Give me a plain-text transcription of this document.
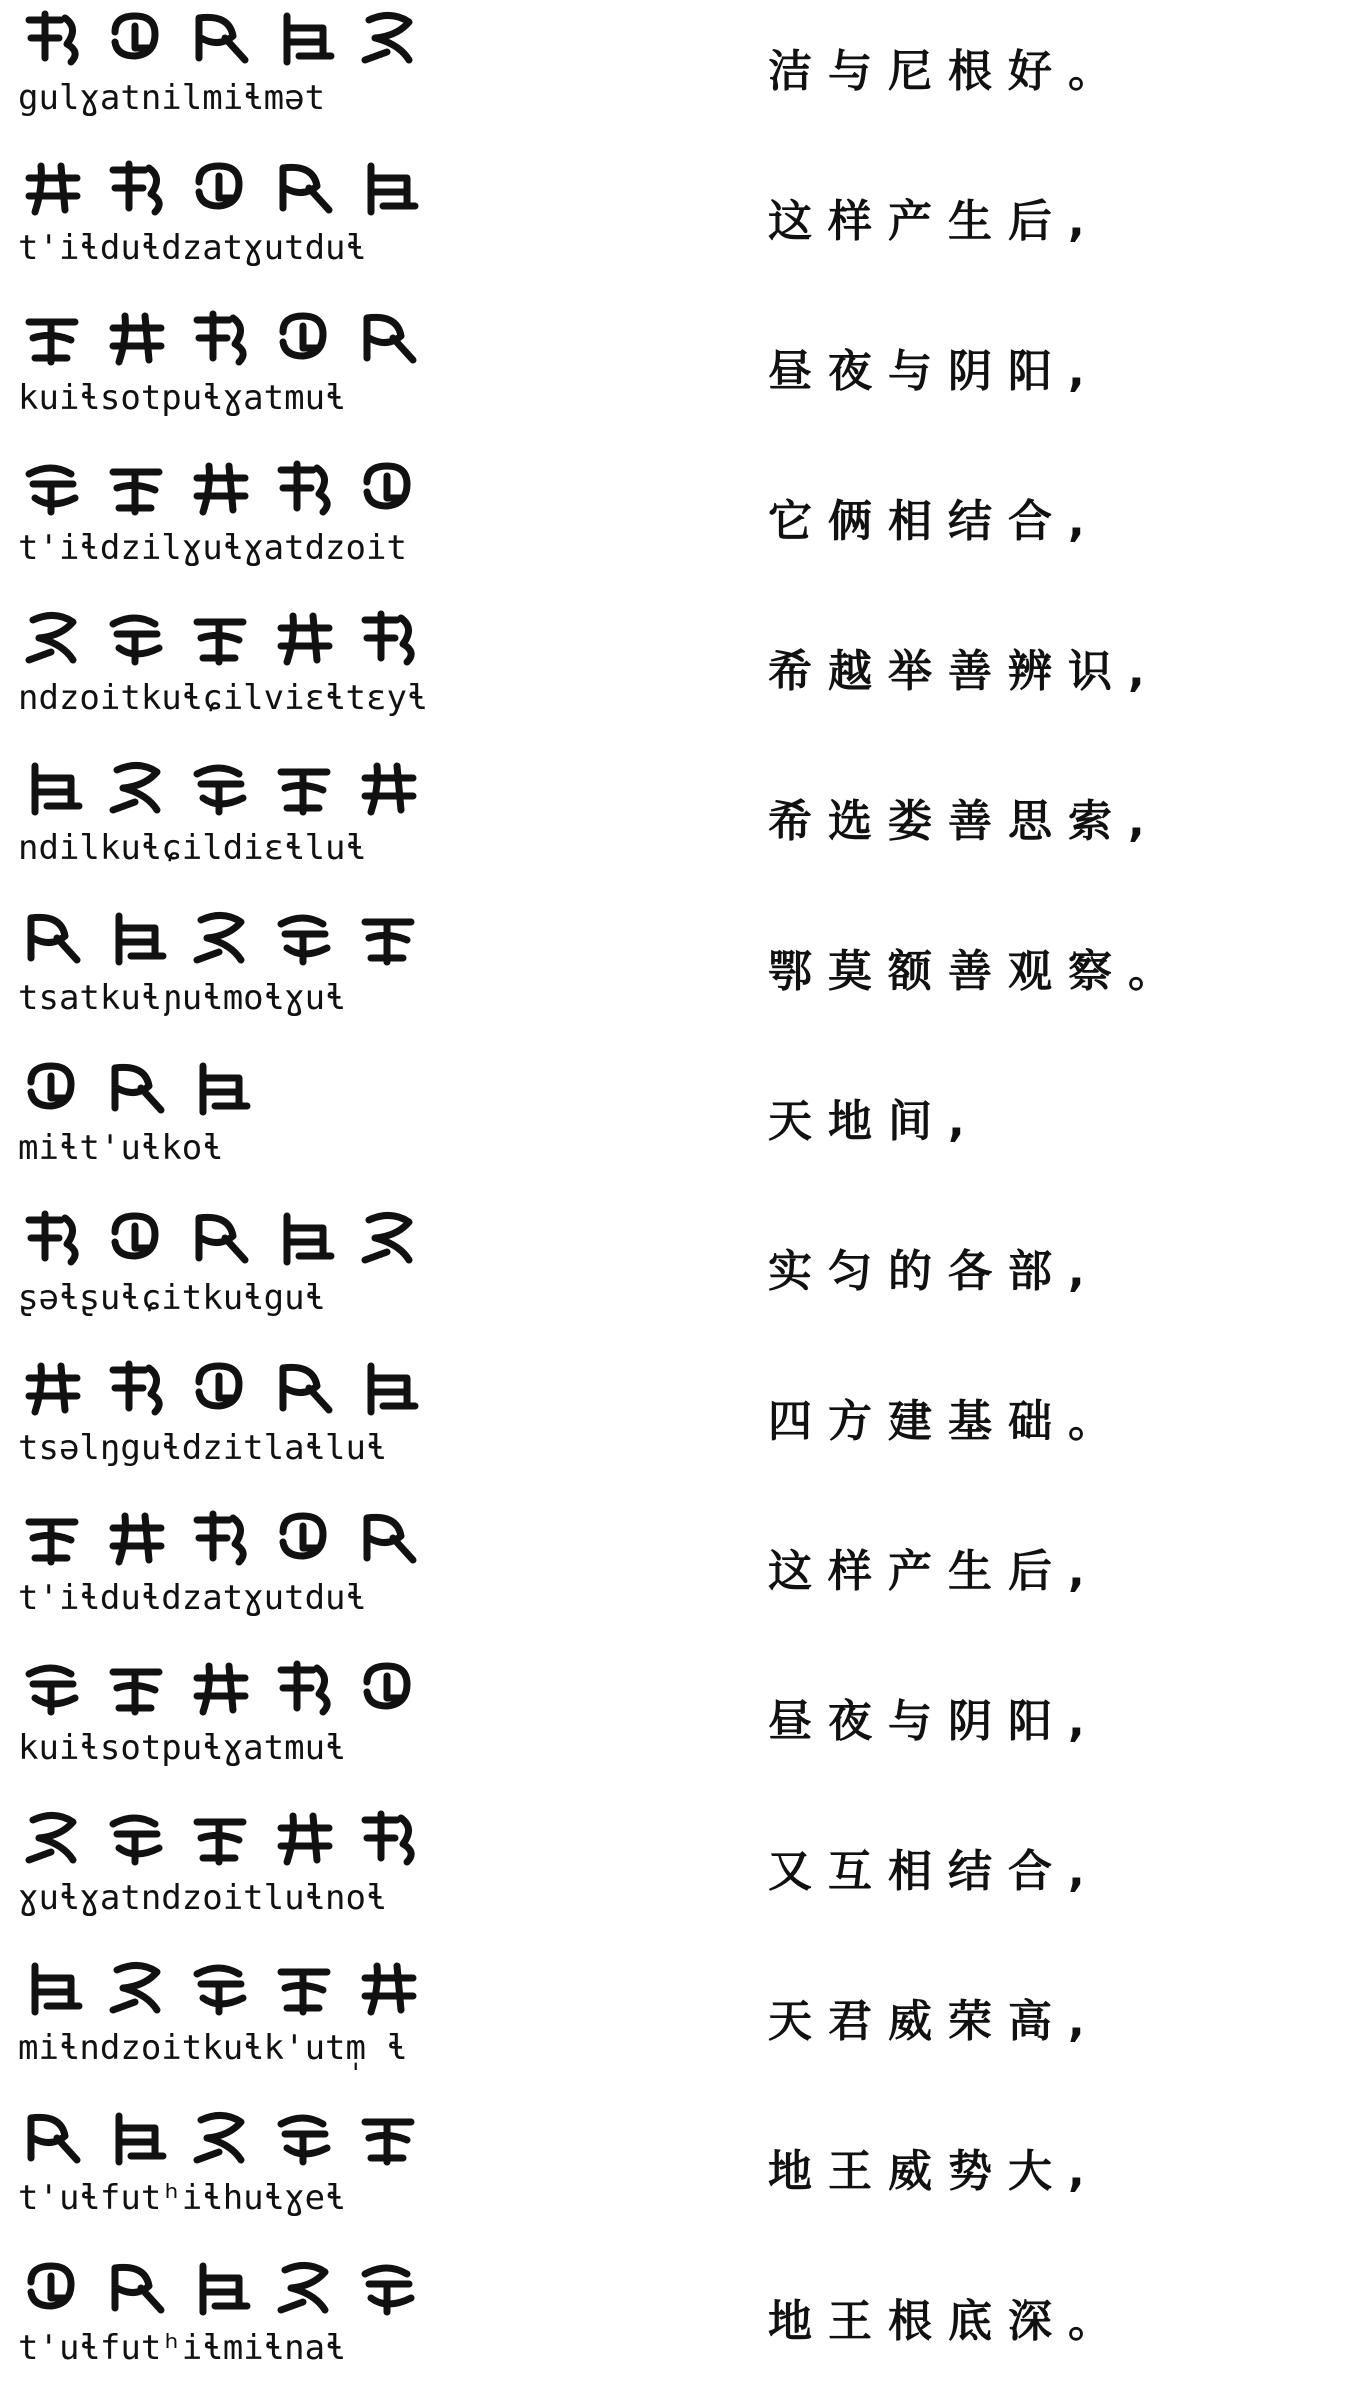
gulɣatnilmiɬmət
洁与尼根好。
t'iɬduɬdzatɣutduɬ
这样产生后,
kuiɬsotpuɬɣatmuɬ
昼夜与阴阳,
t'iɬdzilɣuɬɣatdzoit
它俩相结合,
ndzoitkuɬɕilviɛɬtɛyɬ
希越举善辨识,
ndilkuɬɕildiɛɬluɬ
希选娄善思索,
tsatkuɬɲuɬmoɬɣuɬ
鄂莫额善观察。
miɬt'uɬkoɬ
天地间,
ʂəɬʂuɬɕitkuɬguɬ
实匀的各部,
tsəlŋguɬdzitlaɬluɬ
四方建基础。
t'iɬduɬdzatɣutduɬ
这样产生后,
kuiɬsotpuɬɣatmuɬ
昼夜与阴阳,
ɣuɬɣatndzoitluɬnoɬ
又互相结合,
miɬndzoitkuɬk'utm̩ ɬ
天君威荣高,
t'uɬfutʰiɬhuɬɣeɬ
地王威势大,
t'uɬfutʰiɬmiɬnaɬ
地王根底深。
